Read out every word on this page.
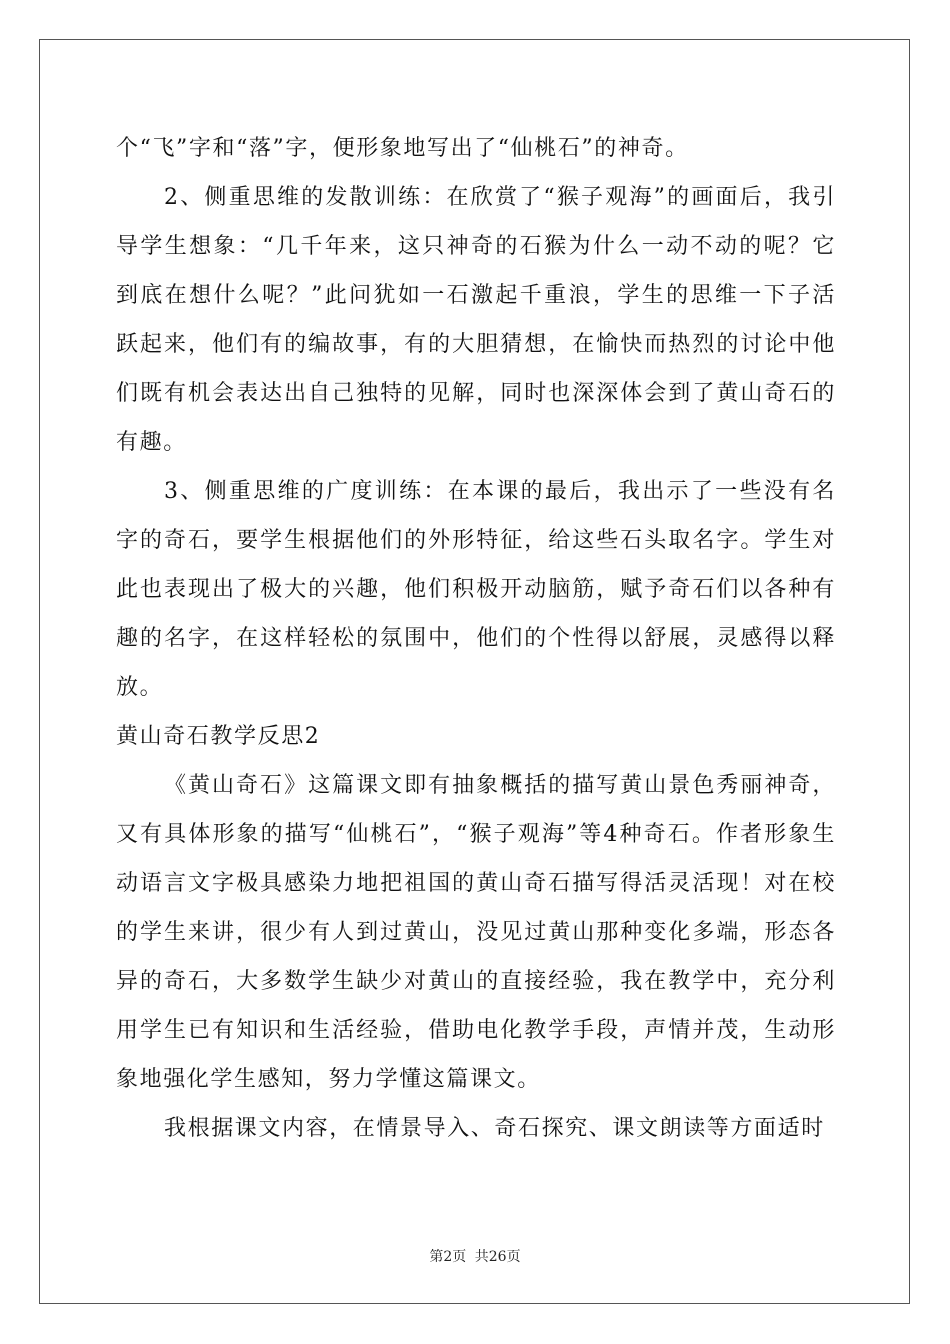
个“飞”字和“落”字，便形象地写出了“仙桃石”的神奇。

2、侧重思维的发散训练：在欣赏了“猴子观海”的画面后，我引导学生想象：“几千年来，这只神奇的石猴为什么一动不动的呢？它到底在想什么呢？”此问犹如一石激起千重浪，学生的思维一下子活跃起来，他们有的编故事，有的大胆猜想，在愉快而热烈的讨论中他们既有机会表达出自己独特的见解，同时也深深体会到了黄山奇石的有趣。

3、侧重思维的广度训练：在本课的最后，我出示了一些没有名字的奇石，要学生根据他们的外形特征，给这些石头取名字。学生对此也表现出了极大的兴趣，他们积极开动脑筋，赋予奇石们以各种有趣的名字，在这样轻松的氛围中，他们的个性得以舒展，灵感得以释放。

黄山奇石教学反思2

《黄山奇石》这篇课文即有抽象概括的描写黄山景色秀丽神奇，又有具体形象的描写“仙桃石”，“猴子观海”等4种奇石。作者形象生动语言文字极具感染力地把祖国的黄山奇石描写得活灵活现！对在校的学生来讲，很少有人到过黄山，没见过黄山那种变化多端，形态各异的奇石，大多数学生缺少对黄山的直接经验，我在教学中，充分利用学生已有知识和生活经验，借助电化教学手段，声情并茂，生动形象地强化学生感知，努力学懂这篇课文。

我根据课文内容，在情景导入、奇石探究、课文朗读等方面适时

第2页 共26页
